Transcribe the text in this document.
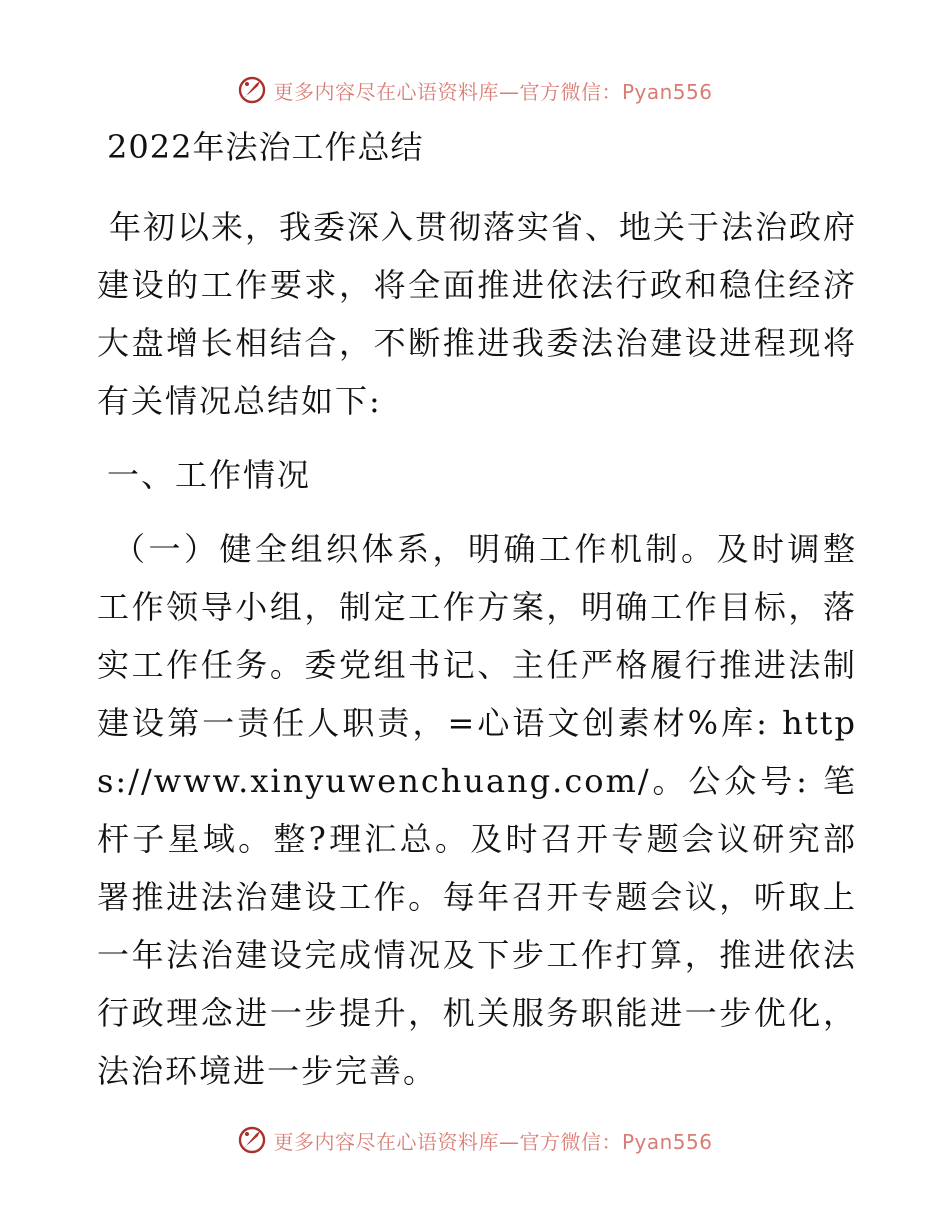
更多内容尽在心语资料库—官方微信：Pyan556
2022年法治工作总结

年初以来，我委深入贯彻落实省、地关于法治政府建设的工作要求，将全面推进依法行政和稳住经济大盘增长相结合，不断推进我委法治建设进程现将有关情况总结如下:

一、工作情况

（一）健全组织体系，明确工作机制。及时调整工作领导小组，制定工作方案，明确工作目标，落实工作任务。委党组书记、主任严格履行推进法制建设第一责任人职责，=心语文创素材%库: https://www.xinyuwenchuang.com/。公众号: 笔杆子星域。整?理汇总。及时召开专题会议研究部署推进法治建设工作。每年召开专题会议，听取上一年法治建设完成情况及下步工作打算，推进依法行政理念进一步提升，机关服务职能进一步优化，法治环境进一步完善。

更多内容尽在心语资料库—官方微信：Pyan556
